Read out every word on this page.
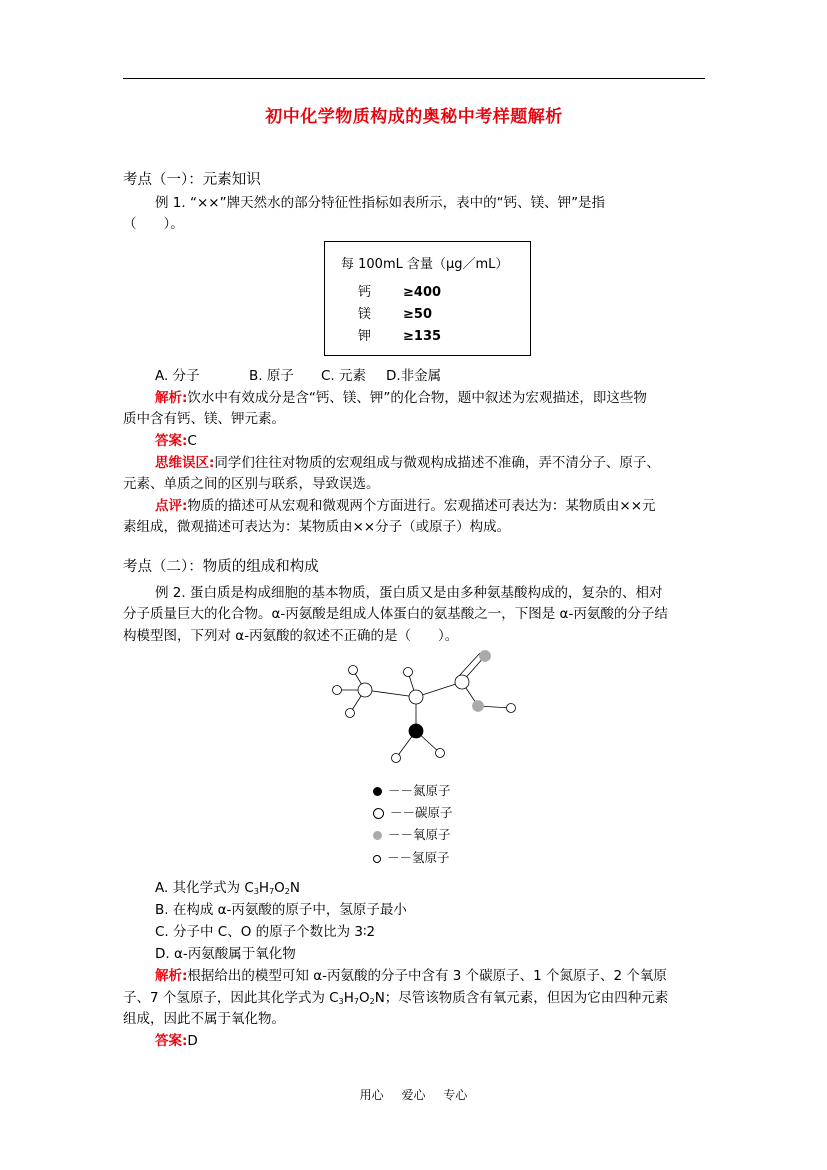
初中化学物质构成的奥秘中考样题解析
考点（一）：元素知识
例 1. “××”牌天然水的部分特征性指标如表所示，表中的“钙、镁、钾”是指
（　　）。
每 100mL 含量（μg／mL）
钙 ≥400
镁 ≥50
钾 ≥135
A. 分子	B. 原子 C. 元素 D.非金属
解析:饮水中有效成分是含“钙、镁、钾”的化合物，题中叙述为宏观描述，即这些物
质中含有钙、镁、钾元素。
答案:C
思维误区:同学们往往对物质的宏观组成与微观构成描述不准确，弄不清分子、原子、
元素、单质之间的区别与联系，导致误选。
点评:物质的描述可从宏观和微观两个方面进行。宏观描述可表达为：某物质由××元
素组成，微观描述可表达为：某物质由××分子（或原子）构成。
考点（二）：物质的组成和构成
例 2. 蛋白质是构成细胞的基本物质，蛋白质又是由多种氨基酸构成的，复杂的、相对
分子质量巨大的化合物。α-丙氨酸是组成人体蛋白的氨基酸之一，下图是 α-丙氨酸的分子结
构模型图，下列对 α-丙氨酸的叙述不正确的是（　　）。
－－氮原子
－－碳原子
－－氧原子
－－氢原子
A. 其化学式为 $C_3H_7O_2N$
B. 在构成 α-丙氨酸的原子中，氢原子最小
C. 分子中 C、O 的原子个数比为 3∶2
D. α-丙氨酸属于氧化物
解析:根据给出的模型可知 α-丙氨酸的分子中含有 3 个碳原子、1 个氮原子、2 个氧原
子、7 个氢原子，因此其化学式为 $C_3H_7O_2N$；尽管该物质含有氧元素，但因为它由四种元素
组成，因此不属于氧化物。
答案:D
用心 爱心 专心
